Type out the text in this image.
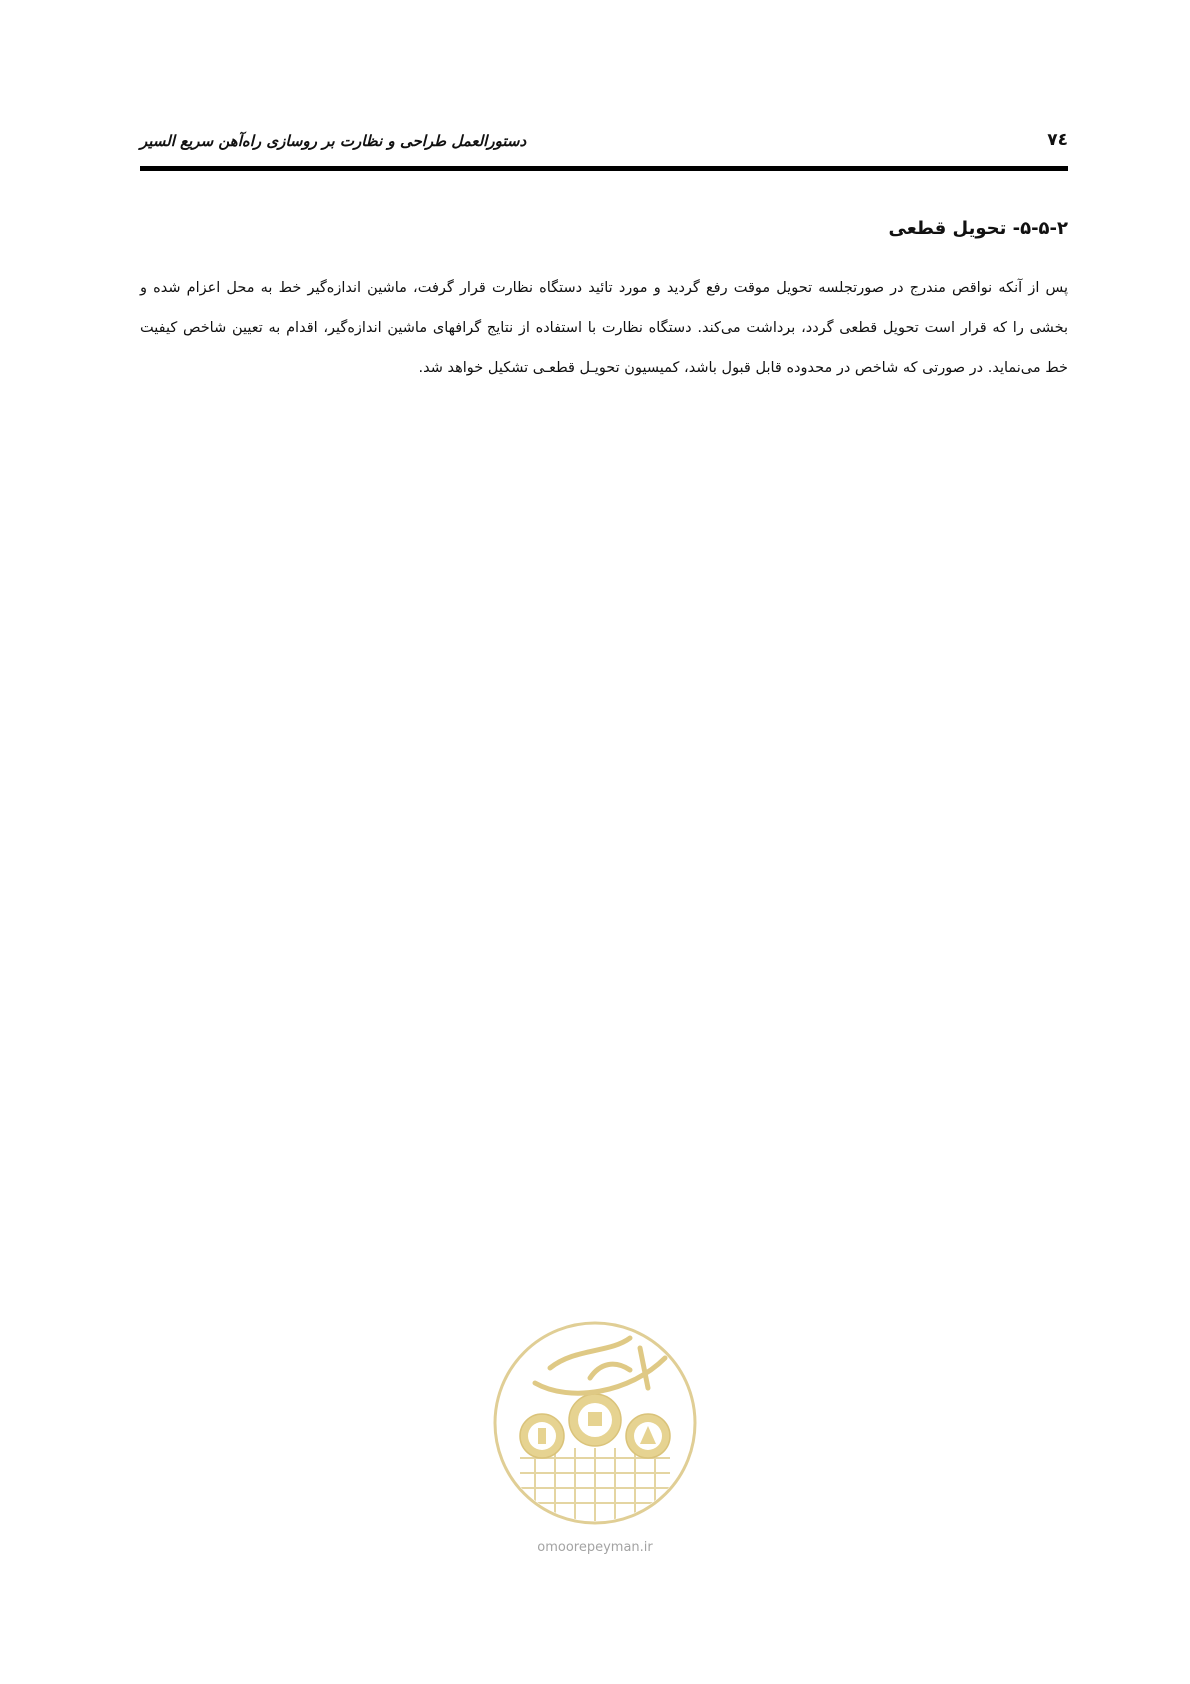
دستورالعمل طراحی و نظارت بر روسازی راه‌آهن سریع السیر	۷٤
۵-۵-۲- تحویل قطعی
پس از آنکه نواقص مندرج در صورتجلسه تحویل موقت رفع گردید و مورد تائید دستگاه نظارت قرار گرفت، ماشین اندازه‌گیر خط به محل اعزام شده و بخشی را که قرار است تحویل قطعی گردد، برداشت می‌کند. دستگاه نظارت با استفاده از نتایج گرافهای ماشین اندازه‌گیر، اقدام به تعیین شاخص کیفیت خط می‌نماید. در صورتی که شاخص در محدوده قابل قبول باشد، کمیسیون تحویـل قطعـی تشکیل خواهد شد.
omoorepeyman.ir
